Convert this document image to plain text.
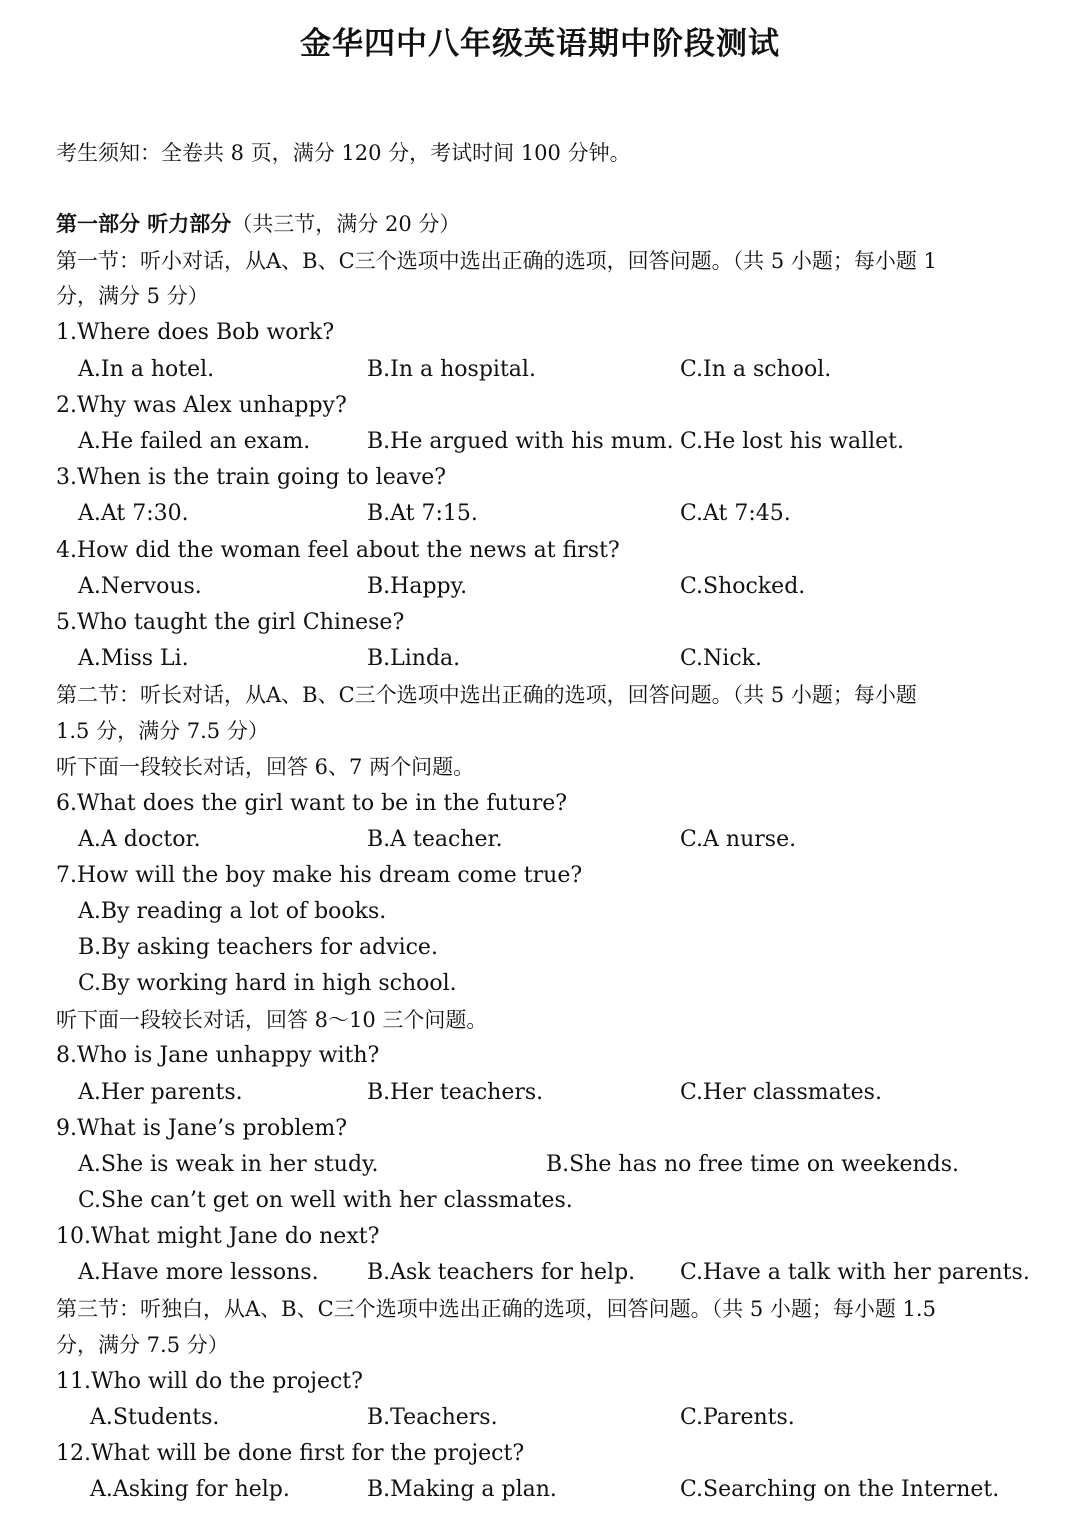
金华四中八年级英语期中阶段测试
考生须知：全卷共 8 页，满分 120 分，考试时间 100 分钟。
第一部分 听力部分（共三节，满分 20 分）
第一节：听小对话，从A、B、C三个选项中选出正确的选项，回答问题。（共 5 小题；每小题 1
分，满分 5 分）
1.Where does Bob work?
A.In a hotel.	B.In a hospital.	C.In a school.
2.Why was Alex unhappy?
A.He failed an exam.	B.He argued with his mum. C.He lost his wallet.
3.When is the train going to leave?
A.At 7:30.	B.At 7:15.	C.At 7:45.
4.How did the woman feel about the news at first?
A.Nervous.	B.Happy.	C.Shocked.
5.Who taught the girl Chinese?
A.Miss Li.	B.Linda.	C.Nick.
第二节：听长对话，从A、B、C三个选项中选出正确的选项，回答问题。（共 5 小题；每小题
1.5 分，满分 7.5 分）
听下面一段较长对话，回答 6、7 两个问题。
6.What does the girl want to be in the future?
A.A doctor.	B.A teacher.	C.A nurse.
7.How will the boy make his dream come true?
A.By reading a lot of books.
B.By asking teachers for advice.
C.By working hard in high school.
听下面一段较长对话，回答 8～10 三个问题。
8.Who is Jane unhappy with?
A.Her parents.	B.Her teachers.	C.Her classmates.
9.What is Jane’s problem?
A.She is weak in her study.	B.She has no free time on weekends.
C.She can’t get on well with her classmates.
10.What might Jane do next?
A.Have more lessons. B.Ask teachers for help. C.Have a talk with her parents.
第三节：听独白，从A、B、C三个选项中选出正确的选项，回答问题。（共 5 小题；每小题 1.5
分，满分 7.5 分）
11.Who will do the project?
A.Students.	B.Teachers.	C.Parents.
12.What will be done first for the project?
A.Asking for help.	B.Making a plan.	C.Searching on the Internet.
